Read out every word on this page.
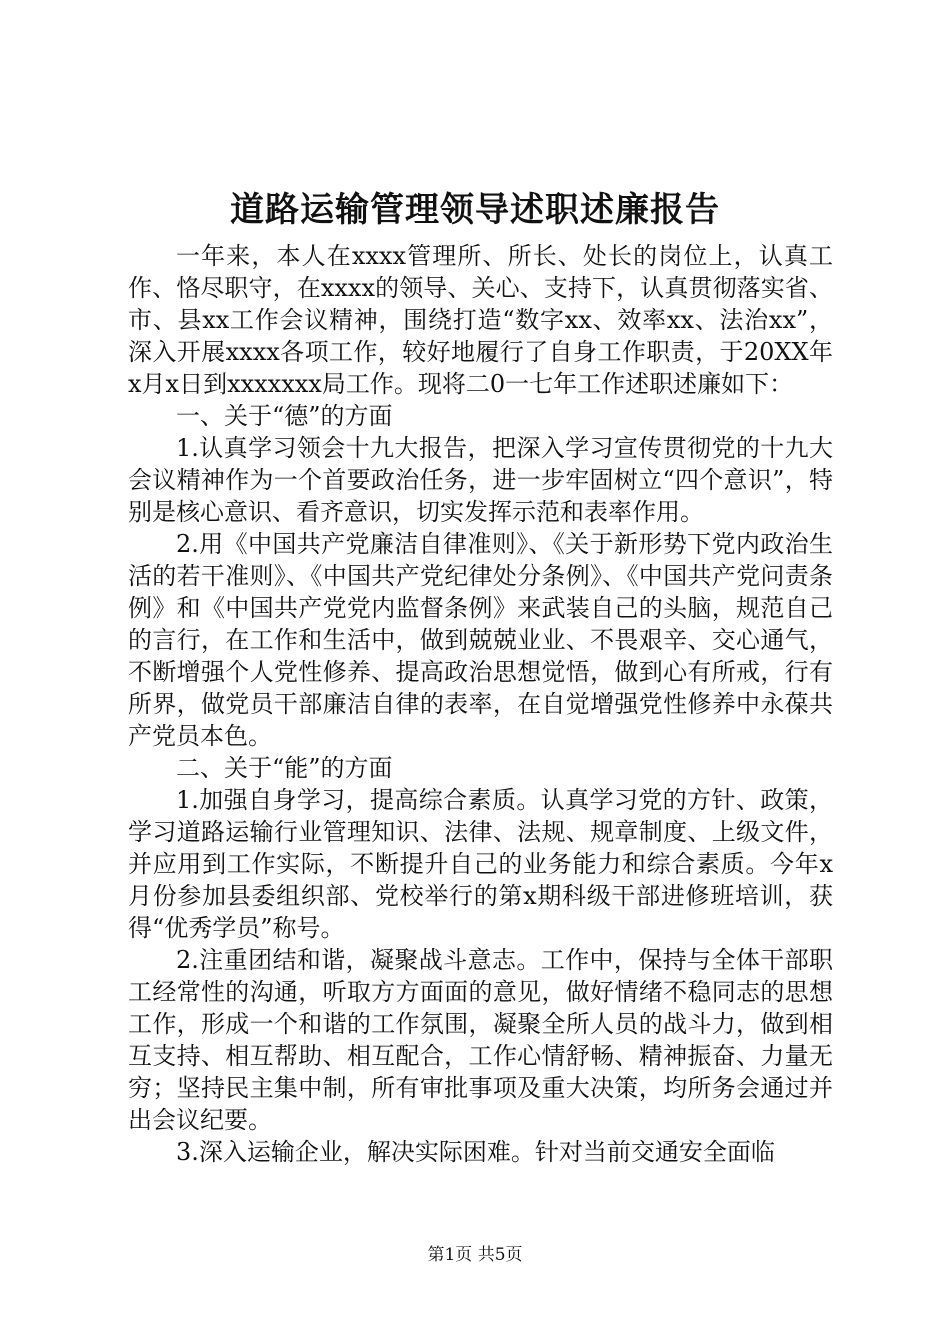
道路运输管理领导述职述廉报告

一年来，本人在xxxx管理所、所长、处长的岗位上，认真工作、恪尽职守，在xxxx的领导、关心、支持下，认真贯彻落实省、市、县xx工作会议精神，围绕打造“数字xx、效率xx、法治xx”，深入开展xxxx各项工作，较好地履行了自身工作职责，于20XX年x月x日到xxxxxxx局工作。现将二0一七年工作述职述廉如下：

一、关于“德”的方面

1.认真学习领会十九大报告，把深入学习宣传贯彻党的十九大会议精神作为一个首要政治任务，进一步牢固树立“四个意识”，特别是核心意识、看齐意识，切实发挥示范和表率作用。

2.用《中国共产党廉洁自律准则》、《关于新形势下党内政治生活的若干准则》、《中国共产党纪律处分条例》、《中国共产党问责条例》和《中国共产党党内监督条例》来武装自己的头脑，规范自己的言行，在工作和生活中，做到兢兢业业、不畏艰辛、交心通气，不断增强个人党性修养、提高政治思想觉悟，做到心有所戒，行有所界，做党员干部廉洁自律的表率，在自觉增强党性修养中永葆共产党员本色。

二、关于“能”的方面

1.加强自身学习，提高综合素质。认真学习党的方针、政策，学习道路运输行业管理知识、法律、法规、规章制度、上级文件，并应用到工作实际，不断提升自己的业务能力和综合素质。今年x月份参加县委组织部、党校举行的第x期科级干部进修班培训，获得“优秀学员”称号。

2.注重团结和谐，凝聚战斗意志。工作中，保持与全体干部职工经常性的沟通，听取方方面面的意见，做好情绪不稳同志的思想工作，形成一个和谐的工作氛围，凝聚全所人员的战斗力，做到相互支持、相互帮助、相互配合，工作心情舒畅、精神振奋、力量无穷；坚持民主集中制，所有审批事项及重大决策，均所务会通过并出会议纪要。

3.深入运输企业，解决实际困难。针对当前交通安全面临

第1页 共5页
